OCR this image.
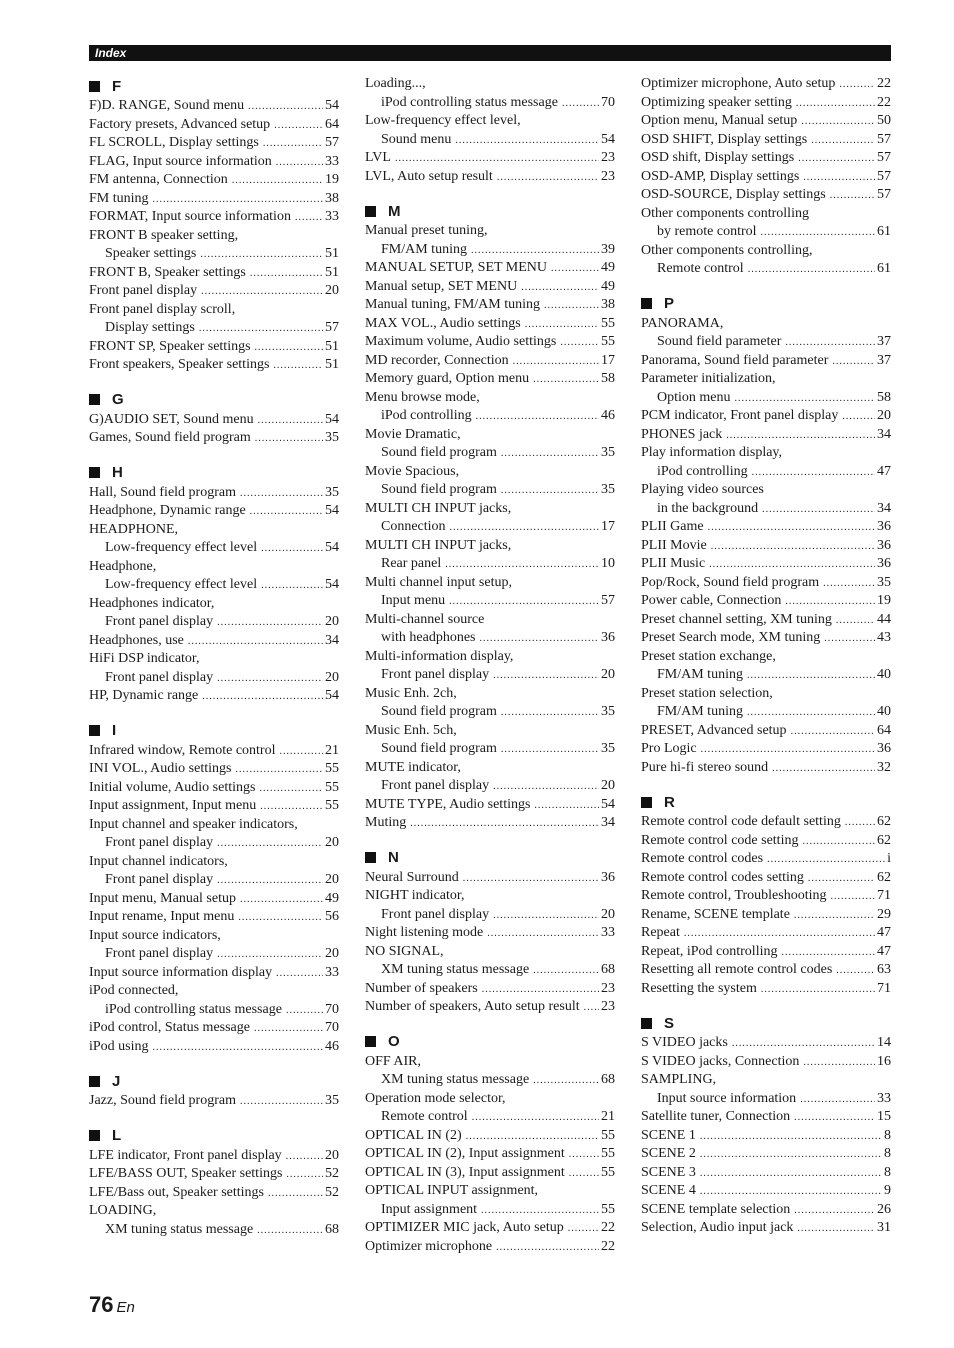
Index
F
F)D. RANGE, Sound menu .....	54
Factory presets, Advanced setup .....	64
FL SCROLL, Display settings .....	57
FLAG, Input source information .....	33
FM antenna, Connection .....	19
FM tuning .....	38
FORMAT, Input source information ..... 33
FRONT B speaker setting,
Speaker settings .....	51
FRONT B, Speaker settings .....	51
Front panel display .....	20
Front panel display scroll,
Display settings .....	57
FRONT SP, Speaker settings .....	51
Front speakers, Speaker settings .....	51
G
G)AUDIO SET, Sound menu .....	54
Games, Sound field program .....	35
H
Hall, Sound field program .....	35
Headphone, Dynamic range .....	54
HEADPHONE,
Low-frequency effect level .....	54
Headphone,
Low-frequency effect level .....	54
Headphones indicator,
Front panel display .....	20
Headphones, use .....	34
HiFi DSP indicator,
Front panel display .....	20
HP, Dynamic range .....	54
I
Infrared window, Remote control .....	21
INI VOL., Audio settings .....	55
Initial volume, Audio settings .....	55
Input assignment, Input menu .....	55
Input channel and speaker indicators,
Front panel display .....	20
Input channel indicators,
Front panel display .....	20
Input menu, Manual setup .....	49
Input rename, Input menu .....	56
Input source indicators,
Front panel display .....	20
Input source information display .....	33
iPod connected,
iPod controlling status message .....	70
iPod control, Status message .....	70
iPod using .....	46
J
Jazz, Sound field program .....	35
L
LFE indicator, Front panel display .....	20
LFE/BASS OUT, Speaker settings .....	52
LFE/Bass out, Speaker settings .....	52
LOADING,
XM tuning status message .....	68
Loading...,
iPod controlling status message .....	70
Low-frequency effect level,
Sound menu .....	54
LVL .....	23
LVL, Auto setup result .....	23
M
Manual preset tuning,
FM/AM tuning .....	39
MANUAL SETUP, SET MENU .....	49
Manual setup, SET MENU .....	49
Manual tuning, FM/AM tuning .....	38
MAX VOL., Audio settings .....	55
Maximum volume, Audio settings .....	55
MD recorder, Connection .....	17
Memory guard, Option menu .....	58
Menu browse mode,
iPod controlling .....	46
Movie Dramatic,
Sound field program .....	35
Movie Spacious,
Sound field program .....	35
MULTI CH INPUT jacks,
Connection .....	17
MULTI CH INPUT jacks,
Rear panel .....	10
Multi channel input setup,
Input menu .....	57
Multi-channel source
with headphones .....	36
Multi-information display,
Front panel display .....	20
Music Enh. 2ch,
Sound field program .....	35
Music Enh. 5ch,
Sound field program .....	35
MUTE indicator,
Front panel display .....	20
MUTE TYPE, Audio settings .....	54
Muting .....	34
N
Neural Surround .....	36
NIGHT indicator,
Front panel display .....	20
Night listening mode .....	33
NO SIGNAL,
XM tuning status message .....	68
Number of speakers .....	23
Number of speakers, Auto setup result ..... 23
O
OFF AIR,
XM tuning status message .....	68
Operation mode selector,
Remote control .....	21
OPTICAL IN (2) .....	55
OPTICAL IN (2), Input assignment .....	55
OPTICAL IN (3), Input assignment .....	55
OPTICAL INPUT assignment,
Input assignment .....	55
OPTIMIZER MIC jack, Auto setup .....	22
Optimizer microphone .....	22
Optimizer microphone, Auto setup .....	22
Optimizing speaker setting .....	22
Option menu, Manual setup .....	50
OSD SHIFT, Display settings .....	57
OSD shift, Display settings .....	57
OSD-AMP, Display settings .....	57
OSD-SOURCE, Display settings .....	57
Other components controlling
by remote control .....	61
Other components controlling,
Remote control .....	61
P
PANORAMA,
Sound field parameter .....	37
Panorama, Sound field parameter .....	37
Parameter initialization,
Option menu .....	58
PCM indicator, Front panel display .....	20
PHONES jack .....	34
Play information display,
iPod controlling .....	47
Playing video sources
in the background .....	34
PLII Game .....	36
PLII Movie .....	36
PLII Music .....	36
Pop/Rock, Sound field program .....	35
Power cable, Connection .....	19
Preset channel setting, XM tuning .....	44
Preset Search mode, XM tuning .....	43
Preset station exchange,
FM/AM tuning .....	40
Preset station selection,
FM/AM tuning .....	40
PRESET, Advanced setup .....	64
Pro Logic .....	36
Pure hi-fi stereo sound .....	32
R
Remote control code default setting .....	62
Remote control code setting .....	62
Remote control codes .....	i
Remote control codes setting .....	62
Remote control, Troubleshooting .....	71
Rename, SCENE template .....	29
Repeat .....	47
Repeat, iPod controlling .....	47
Resetting all remote control codes .....	63
Resetting the system .....	71
S
S VIDEO jacks .....	14
S VIDEO jacks, Connection .....	16
SAMPLING,
Input source information .....	33
Satellite tuner, Connection .....	15
SCENE 1 .....	8
SCENE 2 .....	8
SCENE 3 .....	8
SCENE 4 .....	9
SCENE template selection .....	26
Selection, Audio input jack .....	31
76 En
